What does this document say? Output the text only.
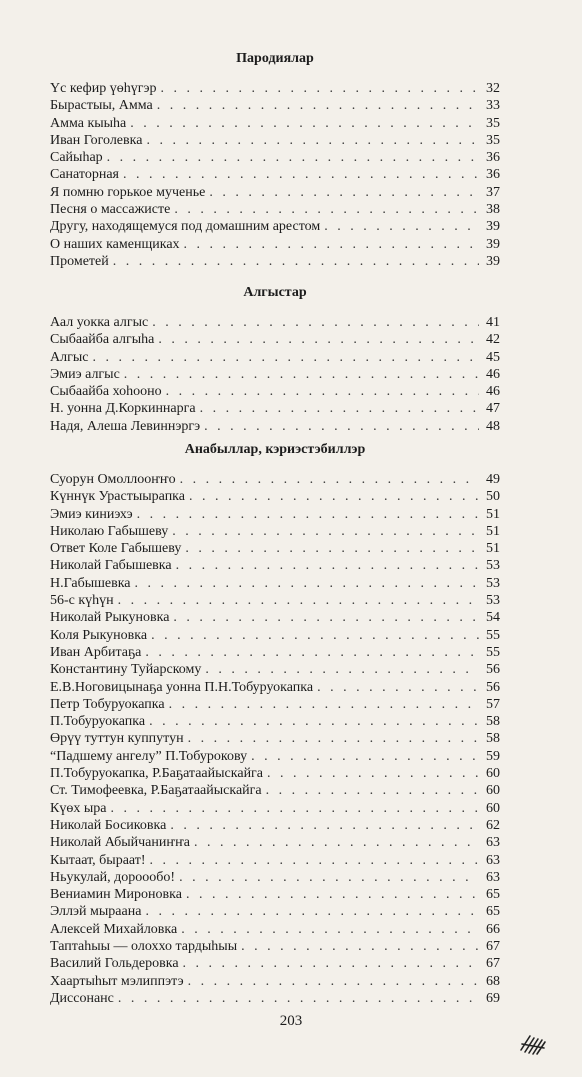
Пародиялар
Үс кефир үөһүгэр . . .	32
Бырастыы, Амма . . .	33
Амма кыыһа . . .	35
Иван Гоголевка . . .	35
Сайыһар . . .	36
Санаторная . . .	36
Я помню горькое мученье . . .	37
Песня о массажисте . . .	38
Другу, находящемуся под домашним арестом . . .	39
О наших каменщиках . . .	39
Прометей . . .	39
Алгыстар
Аал уокка алгыс . . .	41
Сыбаайба алгыһа . . .	42
Алгыс . . .	45
Эмиэ алгыс . . .	46
Сыбаайба хоһооно . . .	46
Н. уонна Д.Коркиннарга . . .	47
Надя, Алеша Левиннэргэ . . .	48
Анабыллар, кэриэстэбиллэр
Суорун Омоллооҥҥо . . .	49
Күннүк Урастыырапка . . .	50
Эмиэ киниэхэ . . .	51
Николаю Габышеву . . .	51
Ответ Коле Габышеву . . .	51
Николай Габышевка . . .	53
Н.Габышевка . . .	53
56-с күһүн . . .	53
Николай Рыкуновка . . .	54
Коля Рыкуновка . . .	55
Иван Арбитаҕа . . .	55
Константину Туйарскому . . .	56
Е.В.Ноговицынаҕа уонна П.Н.Тобуруокапка . . .	56
Петр Тобуруокапка . . .	57
П.Тобуруокапка . . .	58
Өрүү туттун куппутун . . .	58
“Падшему ангелу” П.Тобурокову . . .	59
П.Тобуруокапка, Р.Баҕатаайыскайга . . .	60
Ст. Тимофеевка, Р.Баҕатаайыскайга . . .	60
Күөх ыра . . .	60
Николай Босиковка . . .	62
Николай Абыйчаниҥҥа . . .	63
Кытаат, быраат! . . .	63
Ньукулай, дороообо! . . .	63
Вениамин Мироновка . . .	65
Эллэй мыраана . . .	65
Алексей Михайловка . . .	66
Таптаһыы — олоххо тардыһыы . . .	67
Василий Гольдеровка . . .	67
Хаартыһыт мэлиппэтэ . . .	68
Диссонанс . . .	69
203
